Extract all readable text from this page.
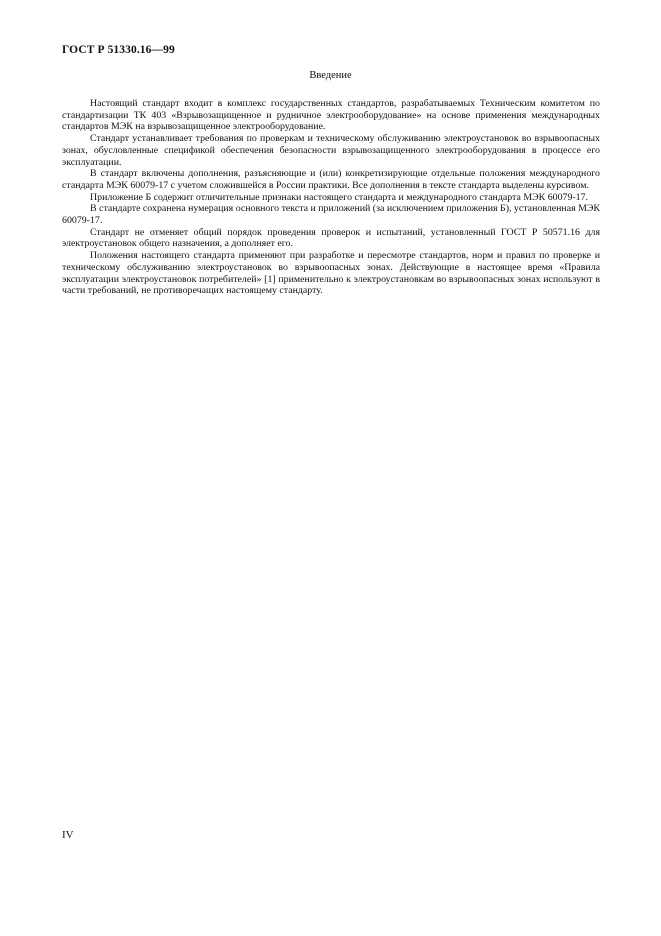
ГОСТ Р 51330.16—99
Введение

Настоящий стандарт входит в комплекс государственных стандартов, разрабатываемых Техническим комитетом по стандартизации ТК 403 «Взрывозащищенное и рудничное электрооборудование» на основе применения международных стандартов МЭК на взрывозащищенное электрооборудование.

Стандарт устанавливает требования по проверкам и техническому обслуживанию электроустановок во взрывоопасных зонах, обусловленные спецификой обеспечения безопасности взрывозащищенного электрооборудования в процессе его эксплуатации.

В стандарт включены дополнения, разъясняющие и (или) конкретизирующие отдельные положения международного стандарта МЭК 60079-17 с учетом сложившейся в России практики. Все дополнения в тексте стандарта выделены курсивом.

Приложение Б содержит отличительные признаки настоящего стандарта и международного стандарта МЭК 60079-17.

В стандарте сохранена нумерация основного текста и приложений (за исключением приложения Б), установленная МЭК 60079-17.

Стандарт не отменяет общий порядок проведения проверок и испытаний, установленный ГОСТ Р 50571.16 для электроустановок общего назначения, а дополняет его.

Положения настоящего стандарта применяют при разработке и пересмотре стандартов, норм и правил по проверке и техническому обслуживанию электроустановок во взрывоопасных зонах. Действующие в настоящее время «Правила эксплуатации электроустановок потребителей» [1] применительно к электроустановкам во взрывоопасных зонах используют в части требований, не противоречащих настоящему стандарту.

IV
